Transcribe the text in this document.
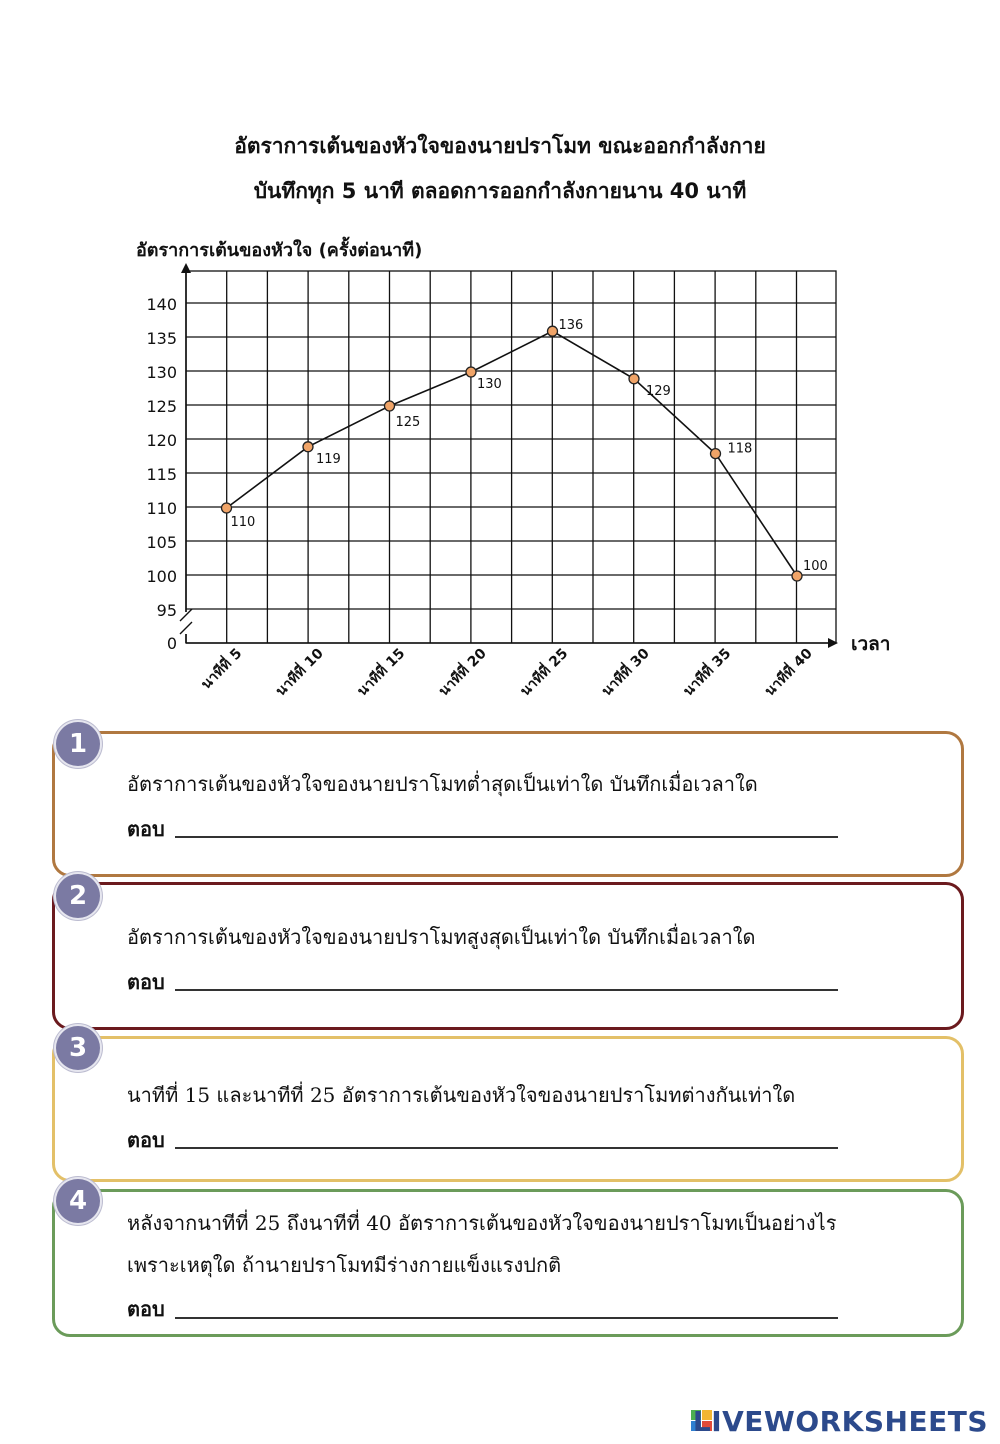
อัตราการเต้นของหัวใจของนายปราโมท ขณะออกกำลังกาย
บันทึกทุก 5 นาที ตลอดการออกกำลังกายนาน 40 นาที
0
95
100
105
110
115
120
125
130
135
140
อัตราการเต้นของหัวใจ (ครั้งต่อนาที)
เวลา
นาทีที่ 5 นาทีที่ 10 นาทีที่ 15 นาทีที่ 20 นาทีที่ 25 นาทีที่ 30 นาทีที่ 35 นาทีที่ 40
110
119
125
130
136
129
118
100
1
อัตราการเต้นของหัวใจของนายปราโมทต่ำสุดเป็นเท่าใด บันทึกเมื่อเวลาใด
ตอบ
2
อัตราการเต้นของหัวใจของนายปราโมทสูงสุดเป็นเท่าใด บันทึกเมื่อเวลาใด
ตอบ
3
นาทีที่ 15 และนาทีที่ 25 อัตราการเต้นของหัวใจของนายปราโมทต่างกันเท่าใด
ตอบ
4
หลังจากนาทีที่ 25 ถึงนาทีที่ 40 อัตราการเต้นของหัวใจของนายปราโมทเป็นอย่างไร
เพราะเหตุใด ถ้านายปราโมทมีร่างกายแข็งแรงปกติ
ตอบ
LIVEWORKSHEETS
